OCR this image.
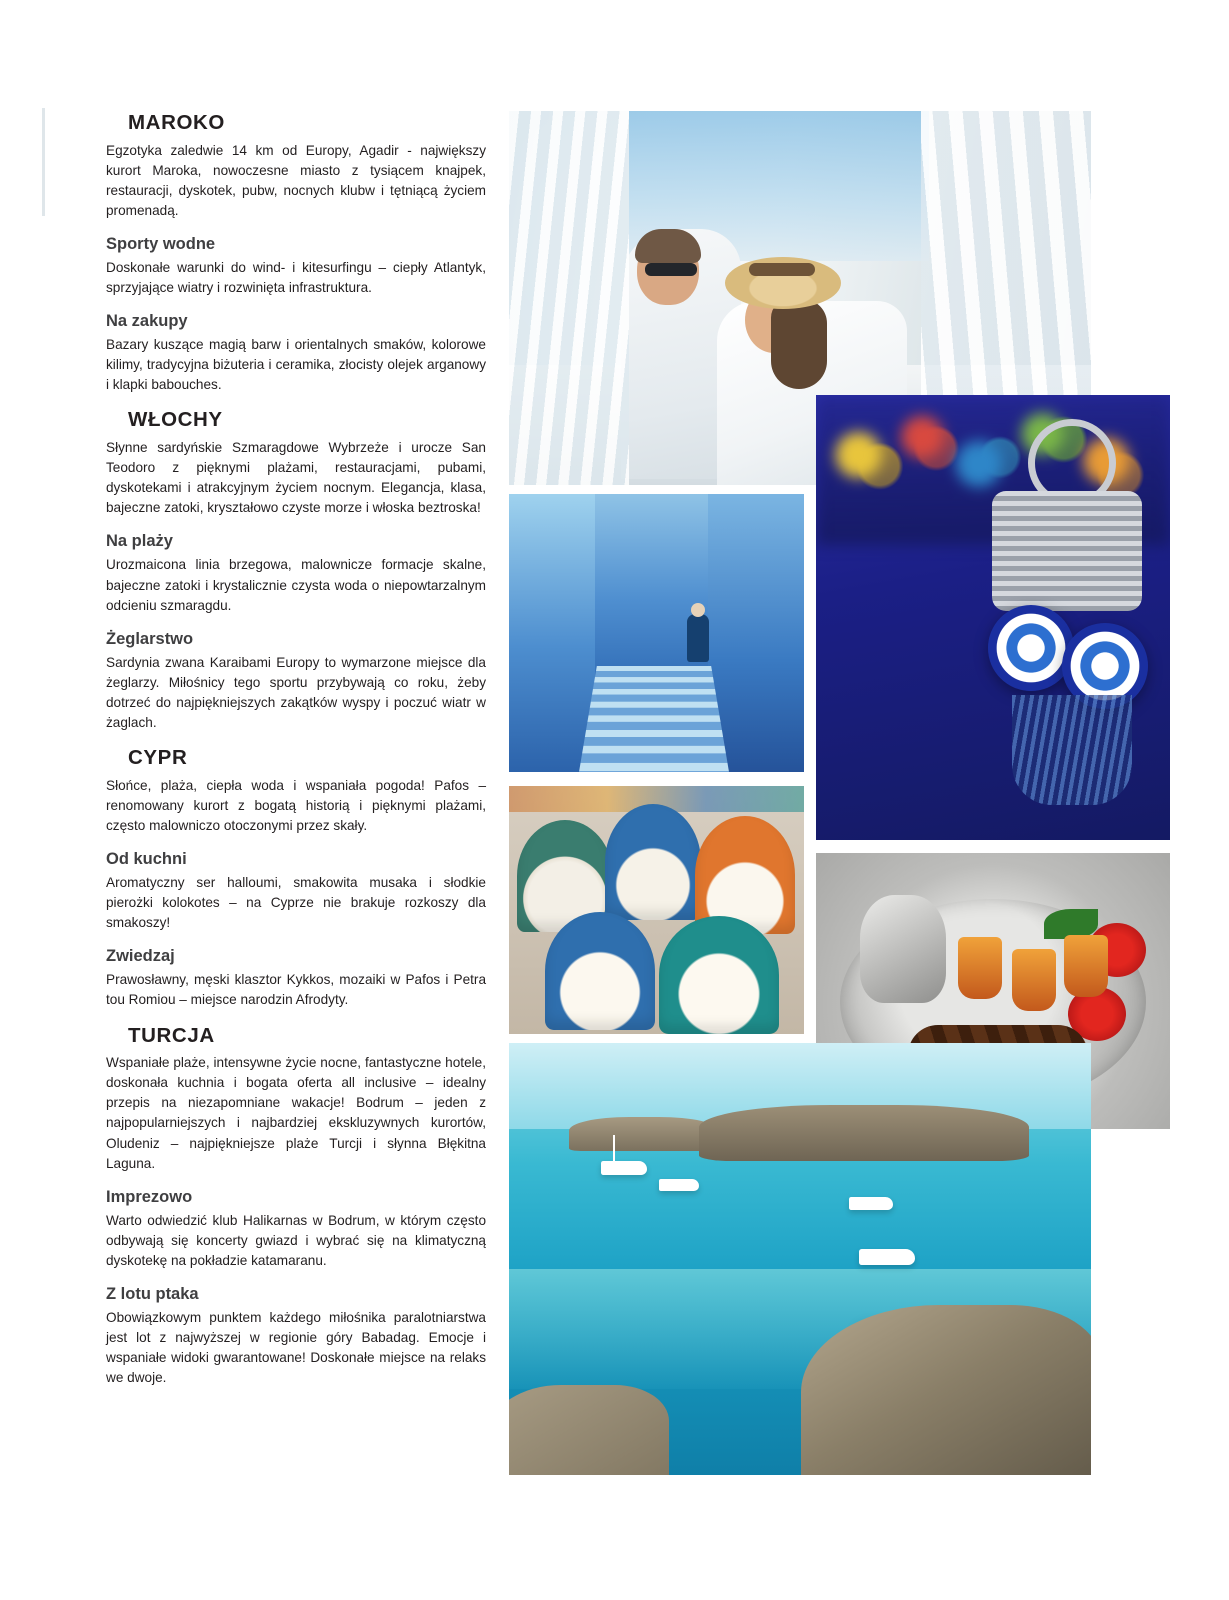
MAROKO

Egzotyka zaledwie 14 km od Europy, Agadir - największy kurort Maroka, nowoczesne miasto z tysiącem knajpek, restauracji, dyskotek, pubw, nocnych klubw i tętniącą życiem promenadą.

Sporty wodne

Doskonałe warunki do wind- i kitesurfingu – ciepły Atlantyk, sprzyjające wiatry i rozwinięta infrastruktura.

Na zakupy

Bazary kuszące magią barw i orientalnych smaków, kolorowe kilimy, tradycyjna biżuteria i ceramika, złocisty olejek arganowy i klapki babouches.

WŁOCHY

Słynne sardyńskie Szmaragdowe Wybrzeże i urocze San Teodoro z pięknymi plażami, restauracjami, pubami, dyskotekami i atrakcyjnym życiem nocnym. Elegancja, klasa, bajeczne zatoki, kryształowo czyste morze i włoska beztroska!

Na plaży

Urozmaicona linia brzegowa, malownicze formacje skalne, bajeczne zatoki i krystalicznie czysta woda o niepowtarzalnym odcieniu szmaragdu.

Żeglarstwo

Sardynia zwana Karaibami Europy to wymarzone miejsce dla żeglarzy. Miłośnicy tego sportu przybywają co roku, żeby dotrzeć do najpiękniejszych zakątków wyspy i poczuć wiatr w żaglach.

CYPR

Słońce, plaża, ciepła woda i wspaniała pogoda! Pafos – renomowany kurort z bogatą historią i pięknymi plażami, często malowniczo otoczonymi przez skały.

Od kuchni

Aromatyczny ser halloumi, smakowita musaka i słodkie pierożki kolokotes – na Cyprze nie brakuje rozkoszy dla smakoszy!

Zwiedzaj

Prawosławny, męski klasztor Kykkos, mozaiki w Pafos i Petra tou Romiou – miejsce narodzin Afrodyty.

TURCJA

Wspaniałe plaże, intensywne życie nocne, fantastyczne hotele, doskonała kuchnia i bogata oferta all inclusive – idealny przepis na niezapomniane wakacje! Bodrum – jeden z najpopularniejszych i najbardziej ekskluzywnych kurortów, Oludeniz – najpiękniejsze plaże Turcji i słynna Błękitna Laguna.

Imprezowo

Warto odwiedzić klub Halikarnas w Bodrum, w którym często odbywają się koncerty gwiazd i wybrać się na klimatyczną dyskotekę na pokładzie katamaranu.

Z lotu ptaka

Obowiązkowym punktem każdego miłośnika paralotniarstwa jest lot z najwyższej w regionie góry Babadag. Emocje i wspaniałe widoki gwarantowane! Doskonałe miejsce na relaks we dwoje.
